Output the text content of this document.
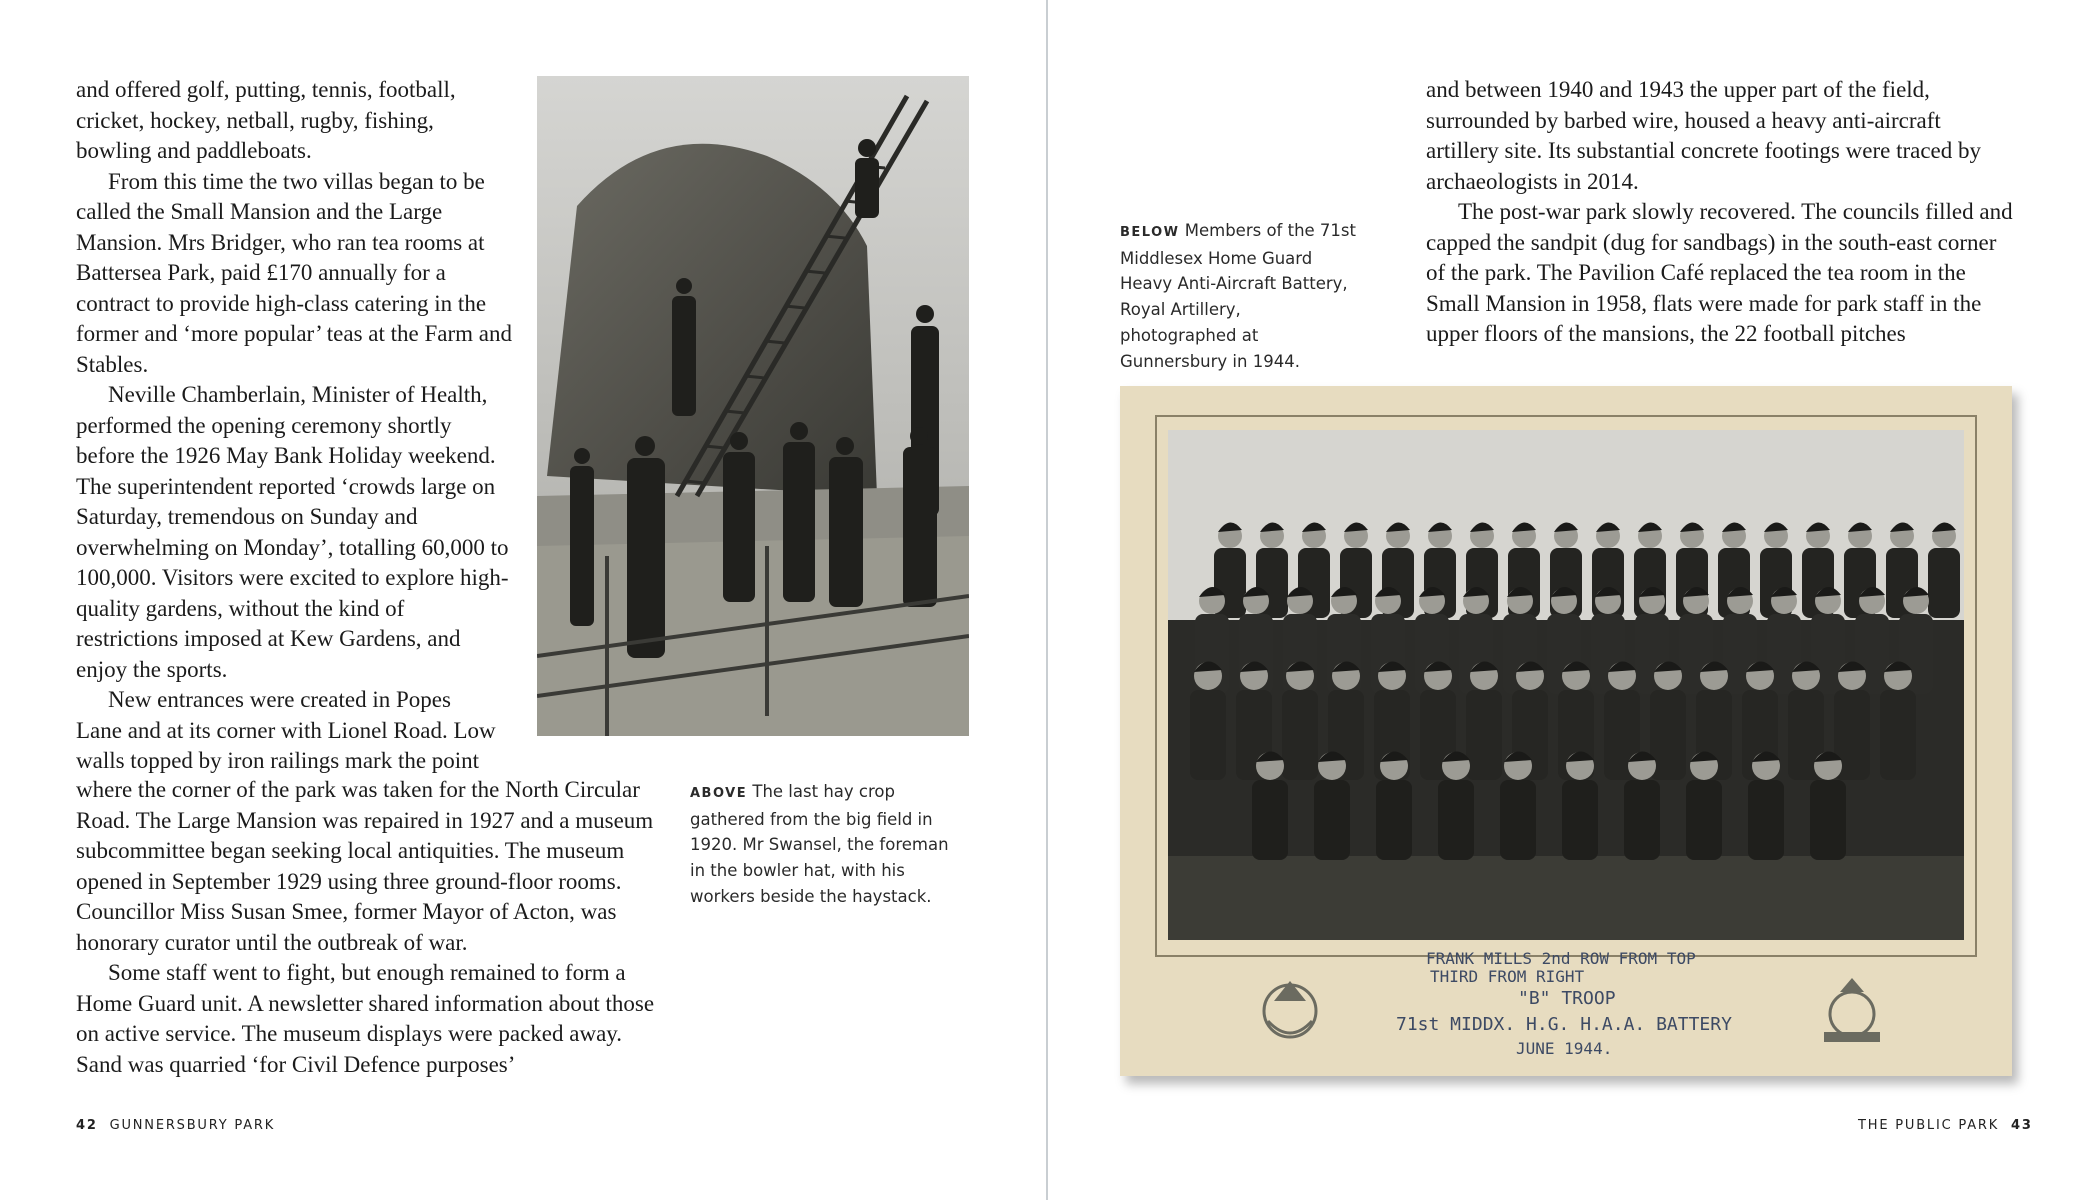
and offered golf, putting, tennis, football, cricket, hockey, netball, rugby, fishing, bowling and paddleboats.

From this time the two villas began to be called the Small Mansion and the Large Mansion. Mrs Bridger, who ran tea rooms at Battersea Park, paid £170 annually for a contract to provide high-class catering in the former and ‘more popular’ teas at the Farm and Stables.

Neville Chamberlain, Minister of Health, performed the opening ceremony shortly before the 1926 May Bank Holiday weekend. The superintendent reported ‘crowds large on Saturday, tremendous on Sunday and overwhelming on Monday’, totalling 60,000 to 100,000. Visitors were excited to explore high-quality gardens, without the kind of restrictions imposed at Kew Gardens, and enjoy the sports.

New entrances were created in Popes Lane and at its corner with Lionel Road. Low walls topped by iron railings mark the point

where the corner of the park was taken for the North Circular Road. The Large Mansion was repaired in 1927 and a museum subcommittee began seeking local antiquities. The museum opened in September 1929 using three ground-floor rooms. Councillor Miss Susan Smee, former Mayor of Acton, was honorary curator until the outbreak of war.

Some staff went to fight, but enough remained to form a Home Guard unit. A newsletter shared information about those on active service. The museum displays were packed away. Sand was quarried ‘for Civil Defence purposes’

ABOVE The last hay crop gathered from the big field in 1920. Mr Swansel, the foreman in the bowler hat, with his workers beside the haystack.
42 GUNNERSBURY PARK

and between 1940 and 1943 the upper part of the field, surrounded by barbed wire, housed a heavy anti-aircraft artillery site. Its substantial concrete footings were traced by archaeologists in 2014.

The post-war park slowly recovered. The councils filled and capped the sandpit (dug for sandbags) in the south-east corner of the park. The Pavilion Café replaced the tea room in the Small Mansion in 1958, flats were made for park staff in the upper floors of the mansions, the 22 football pitches

BELOW Members of the 71st Middlesex Home Guard Heavy Anti-Aircraft Battery, Royal Artillery, photographed at Gunnersbury in 1944.
FRANK MILLS 2nd ROW FROM TOP
THIRD FROM RIGHT
"B" TROOP
71st MIDDX. H.G. H.A.A. BATTERY
JUNE 1944.
THE PUBLIC PARK 43
